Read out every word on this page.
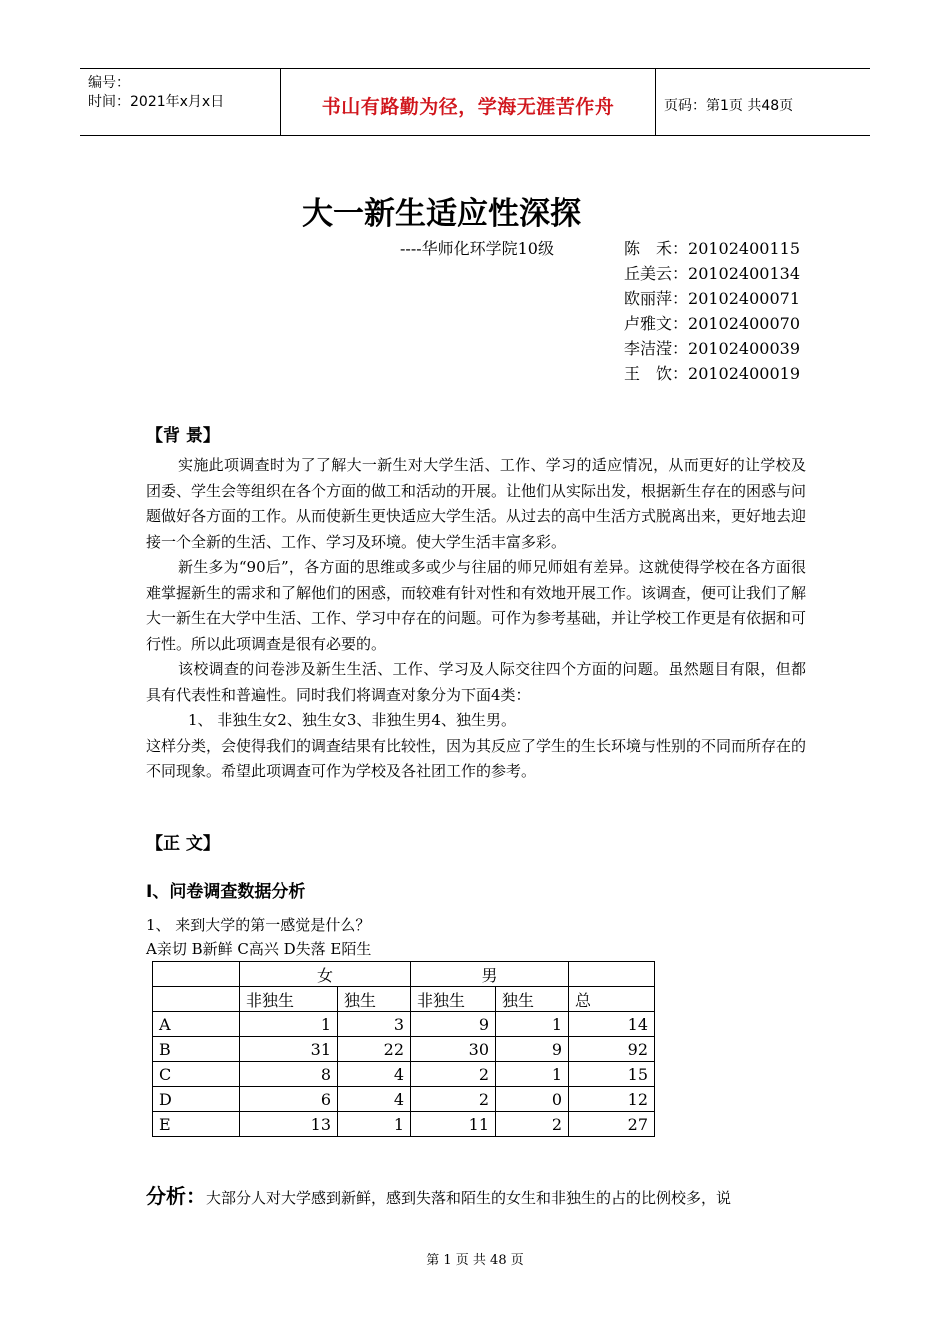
编号：
时间：2021年x月x日	书山有路勤为径，学海无涯苦作舟	页码：第1页 共48页
大一新生适应性深探
----华师化环学院10级	陈　禾：20102400115
丘美云：20102400134
欧丽萍：20102400071
卢雅文：20102400070
李洁滢：20102400039
王　饮：20102400019
【背 景】

实施此项调查时为了了解大一新生对大学生活、工作、学习的适应情况，从而更好的让学校及团委、学生会等组织在各个方面的做工和活动的开展。让他们从实际出发，根据新生存在的困惑与问题做好各方面的工作。从而使新生更快适应大学生活。从过去的高中生活方式脱离出来，更好地去迎接一个全新的生活、工作、学习及环境。使大学生活丰富多彩。

新生多为“90后”，各方面的思维或多或少与往届的师兄师姐有差异。这就使得学校在各方面很难掌握新生的需求和了解他们的困惑，而较难有针对性和有效地开展工作。该调查，便可让我们了解大一新生在大学中生活、工作、学习中存在的问题。可作为参考基础，并让学校工作更是有依据和可行性。所以此项调查是很有必要的。

该校调查的问卷涉及新生生活、工作、学习及人际交往四个方面的问题。虽然题目有限，但都具有代表性和普遍性。同时我们将调查对象分为下面4类：

1、 非独生女2、独生女3、非独生男4、独生男。

这样分类，会使得我们的调查结果有比较性，因为其反应了学生的生长环境与性别的不同而所存在的不同现象。希望此项调查可作为学校及各社团工作的参考。

【正 文】
I、问卷调查数据分析
1、 来到大学的第一感觉是什么？
A亲切 B新鲜 C高兴 D失落 E陌生
	女		男		
	非独生	独生	非独生	独生	总
A	1	3	9	1	14
B	31	22	30	9	92
C	8	4	2	1	15
D	6	4	2	0	12
E	13	1	11	2	27
分析：大部分人对大学感到新鲜，感到失落和陌生的女生和非独生的占的比例校多，说
第 1 页 共 48 页
